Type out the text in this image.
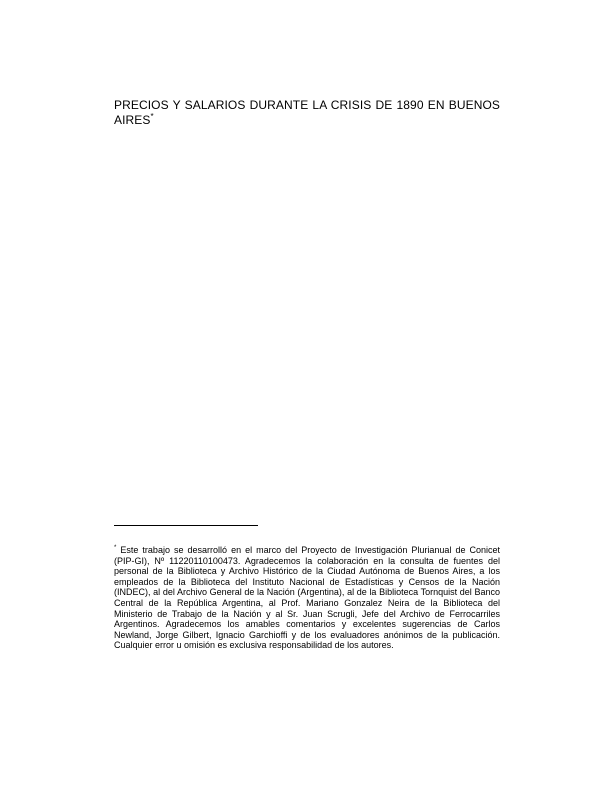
PRECIOS Y SALARIOS DURANTE LA CRISIS DE 1890 EN BUENOS AIRES*

* Este trabajo se desarrolló en el marco del Proyecto de Investigación Plurianual de Conicet (PIP-GI), Nº 11220110100473. Agradecemos la colaboración en la consulta de fuentes del personal de la Biblioteca y Archivo Histórico de la Ciudad Autónoma de Buenos Aires, a los empleados de la Biblioteca del Instituto Nacional de Estadísticas y Censos de la Nación (INDEC), al del Archivo General de la Nación (Argentina), al de la Biblioteca Tornquist del Banco Central de la República Argentina, al Prof. Mariano Gonzalez Neira de la Biblioteca del Ministerio de Trabajo de la Nación y al Sr. Juan Scrugli, Jefe del Archivo de Ferrocarriles Argentinos. Agradecemos los amables comentarios y excelentes sugerencias de Carlos Newland, Jorge Gilbert, Ignacio Garchioffi y de los evaluadores anónimos de la publicación. Cualquier error u omisión es exclusiva responsabilidad de los autores.
